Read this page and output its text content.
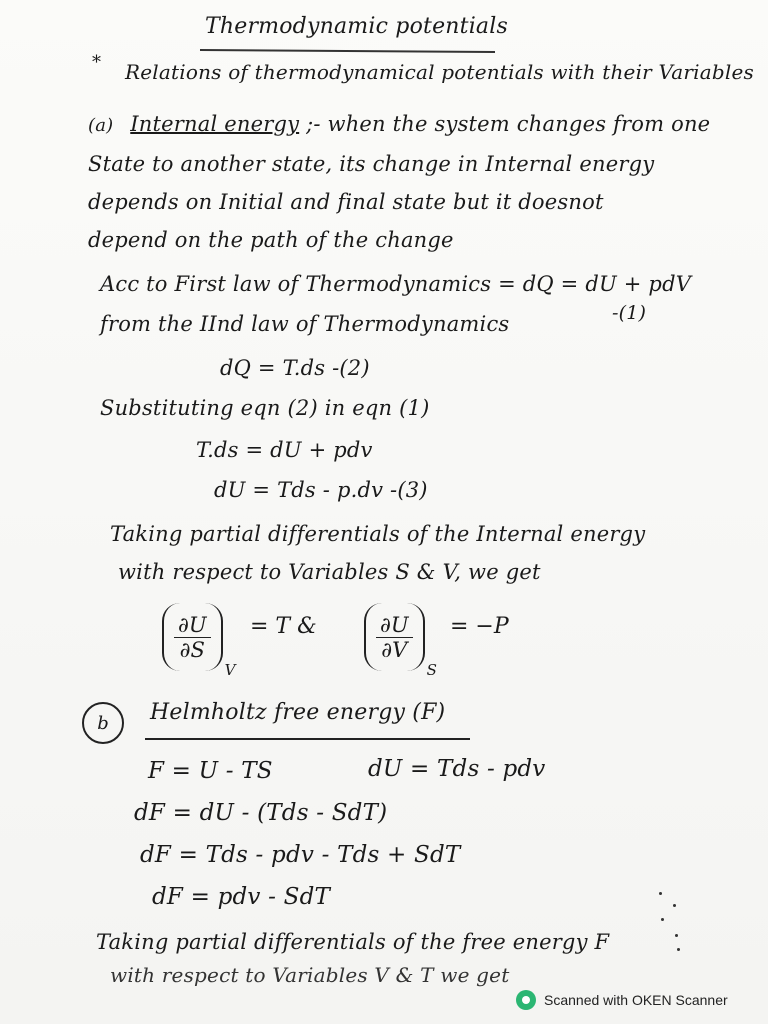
Thermodynamic potentials
* Relations of thermodynamical potentials with their Variables
(a) Internal energy ;- when the system changes from one
State to another state, its change in Internal energy
depends on Initial and final state but it doesnot
depend on the path of the change
Acc to First law of Thermodynamics = dQ = dU + pdV
-(1)
from the IInd law of Thermodynamics
dQ = T.ds -(2)
Substituting eqn (2) in eqn (1)
T.ds = dU + pdv
dU = Tds - p.dv -(3)
Taking partial differentials of the Internal energy
with respect to Variables S & V, we get
$\frac{\partial U}{\partial S}$
V
= T &	$\frac{\partial U}{\partial V}$
S
= −P
b	Helmholtz free energy (F)
F = U - TS	dU = Tds - pdv
dF = dU - (Tds - SdT)
dF = Tds - pdv - Tds + SdT
dF = pdv - SdT
Taking partial differentials of the free energy F
with respect to Variables V & T we get
Scanned with OKEN Scanner
